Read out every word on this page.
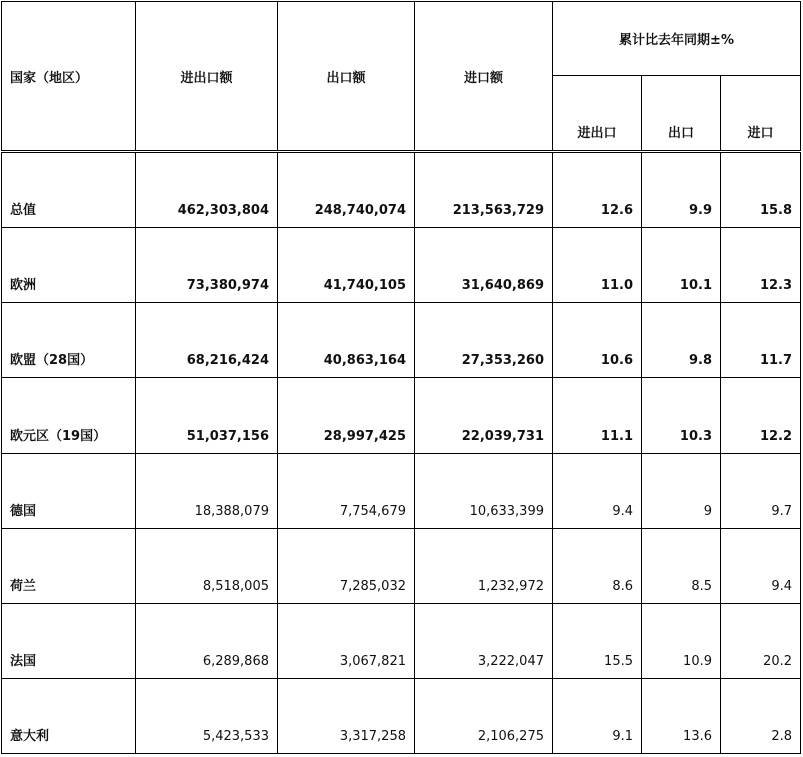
国家（地区）	进出口额	出口额	进口额	累计比去年同期±%		
				进出口	出口	进口
总值	462,303,804	248,740,074	213,563,729	12.6	9.9	15.8
欧洲	73,380,974	41,740,105	31,640,869	11.0	10.1	12.3
欧盟（28国）	68,216,424	40,863,164	27,353,260	10.6	9.8	11.7
欧元区（19国）	51,037,156	28,997,425	22,039,731	11.1	10.3	12.2
德国	18,388,079	7,754,679	10,633,399	9.4	9	9.7
荷兰	8,518,005	7,285,032	1,232,972	8.6	8.5	9.4
法国	6,289,868	3,067,821	3,222,047	15.5	10.9	20.2
意大利	5,423,533	3,317,258	2,106,275	9.1	13.6	2.8
